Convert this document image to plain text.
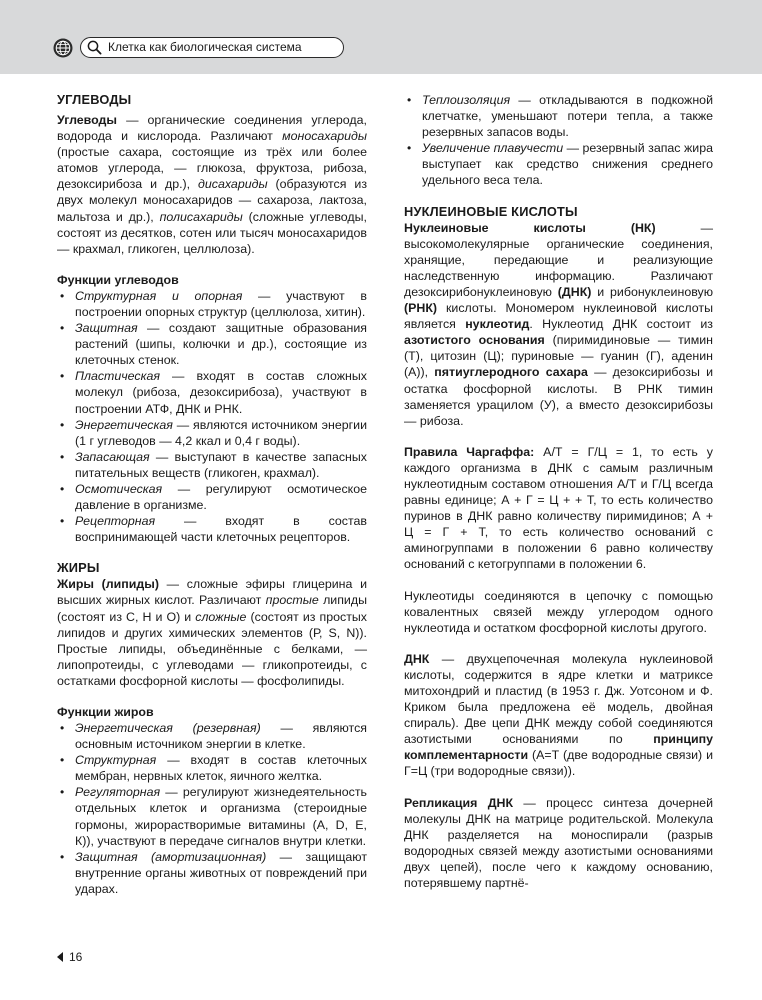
Клетка как биологическая система

УГЛЕВОДЫ

Углеводы — органические соединения углерода, водорода и кислорода. Различают моносахариды (простые сахара, состоящие из трёх или более атомов углерода, — глюкоза, фруктоза, рибоза, дезоксирибоза и др.), дисахариды (образуются из двух молекул моносахаридов — сахароза, лактоза, мальтоза и др.), полисахариды (сложные углеводы, состоят из десятков, сотен или тысяч моносахаридов — крахмал, гликоген, целлюлоза).

Функции углеводов

• Структурная и опорная — участвуют в построении опорных структур (целлюлоза, хитин).
• Защитная — создают защитные образования растений (шипы, колючки и др.), состоящие из клеточных стенок.
• Пластическая — входят в состав сложных молекул (рибоза, дезоксирибоза), участвуют в построении АТФ, ДНК и РНК.
• Энергетическая — являются источником энергии (1 г углеводов — 4,2 ккал и 0,4 г воды).
• Запасающая — выступают в качестве запасных питательных веществ (гликоген, крахмал).
• Осмотическая — регулируют осмотическое давление в организме.
• Рецепторная — входят в состав воспринимающей части клеточных рецепторов.

ЖИРЫ

Жиры (липиды) — сложные эфиры глицерина и высших жирных кислот. Различают простые липиды (состоят из С, Н и О) и сложные (состоят из простых липидов и других химических элементов (Р, S, N)). Простые липиды, объединённые с белками, — липопротеиды, с углеводами — гликопротеиды, с остатками фосфорной кислоты — фосфолипиды.

Функции жиров

• Энергетическая (резервная) — являются основным источником энергии в клетке.
• Структурная — входят в состав клеточных мембран, нервных клеток, яичного желтка.
• Регуляторная — регулируют жизнедеятельность отдельных клеток и организма (стероидные гормоны, жирорастворимые витамины (А, D, Е, К)), участвуют в передаче сигналов внутри клетки.
• Защитная (амортизационная) — защищают внутренние органы животных от повреждений при ударах.
• Теплоизоляция — откладываются в подкожной клетчатке, уменьшают потери тепла, а также резервных запасов воды.
• Увеличение плавучести — резервный запас жира выступает как средство снижения среднего удельного веса тела.

НУКЛЕИНОВЫЕ КИСЛОТЫ

Нуклеиновые кислоты (НК) — высокомолекулярные органические соединения, хранящие, передающие и реализующие наследственную информацию. Различают дезоксирибонуклеиновую (ДНК) и рибонуклеиновую (РНК) кислоты. Мономером нуклеиновой кислоты является нуклеотид. Нуклеотид ДНК состоит из азотистого основания (пиримидиновые — тимин (Т), цитозин (Ц); пуриновые — гуанин (Г), аденин (А)), пятиуглеродного сахара — дезоксирибозы и остатка фосфорной кислоты. В РНК тимин заменяется урацилом (У), а вместо дезоксирибозы — рибоза.

Правила Чаргаффа: А/Т = Г/Ц = 1, то есть у каждого организма в ДНК с самым различным нуклеотидным составом отношения А/Т и Г/Ц всегда равны единице; А + Г = Ц + + Т, то есть количество пуринов в ДНК равно количеству пиримидинов; А + Ц = Г + Т, то есть количество оснований с аминогруппами в положении 6 равно количеству оснований с кетогруппами в положении 6.

Нуклеотиды соединяются в цепочку с помощью ковалентных связей между углеродом одного нуклеотида и остатком фосфорной кислоты другого.

ДНК — двухцепочечная молекула нуклеиновой кислоты, содержится в ядре клетки и матриксе митохондрий и пластид (в 1953 г. Дж. Уотсоном и Ф. Криком была предложена её модель, двойная спираль). Две цепи ДНК между собой соединяются азотистыми основаниями по принципу комплементарности (А=Т (две водородные связи) и Г=Ц (три водородные связи)).

Репликация ДНК — процесс синтеза дочерней молекулы ДНК на матрице родительской. Молекула ДНК разделяется на моноспирали (разрыв водородных связей между азотистыми основаниями двух цепей), после чего к каждому основанию, потерявшему партнё-

16
